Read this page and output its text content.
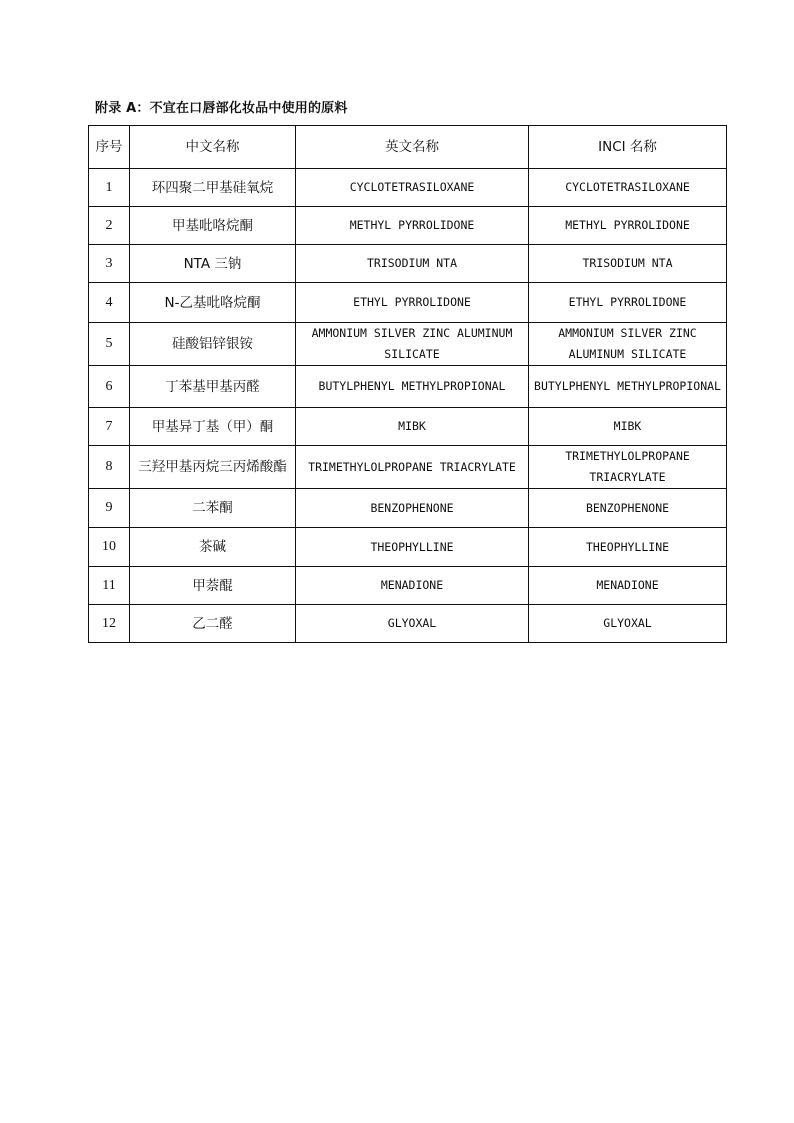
附录 A：不宜在口唇部化妆品中使用的原料
序号	中文名称	英文名称	INCI 名称
1	环四聚二甲基硅氧烷	CYCLOTETRASILOXANE	CYCLOTETRASILOXANE
2	甲基吡咯烷酮	METHYL PYRROLIDONE	METHYL PYRROLIDONE
3	NTA 三钠	TRISODIUM NTA	TRISODIUM NTA
4	N-乙基吡咯烷酮	ETHYL PYRROLIDONE	ETHYL PYRROLIDONE
5	硅酸铝锌银铵	AMMONIUM SILVER ZINC ALUMINUM SILICATE	AMMONIUM SILVER ZINC ALUMINUM SILICATE
6	丁苯基甲基丙醛	BUTYLPHENYL METHYLPROPIONAL	BUTYLPHENYL METHYLPROPIONAL
7	甲基异丁基（甲）酮	MIBK	MIBK
8	三羟甲基丙烷三丙烯酸酯	TRIMETHYLOLPROPANE TRIACRYLATE	TRIMETHYLOLPROPANE TRIACRYLATE
9	二苯酮	BENZOPHENONE	BENZOPHENONE
10	茶碱	THEOPHYLLINE	THEOPHYLLINE
11	甲萘醌	MENADIONE	MENADIONE
12	乙二醛	GLYOXAL	GLYOXAL
